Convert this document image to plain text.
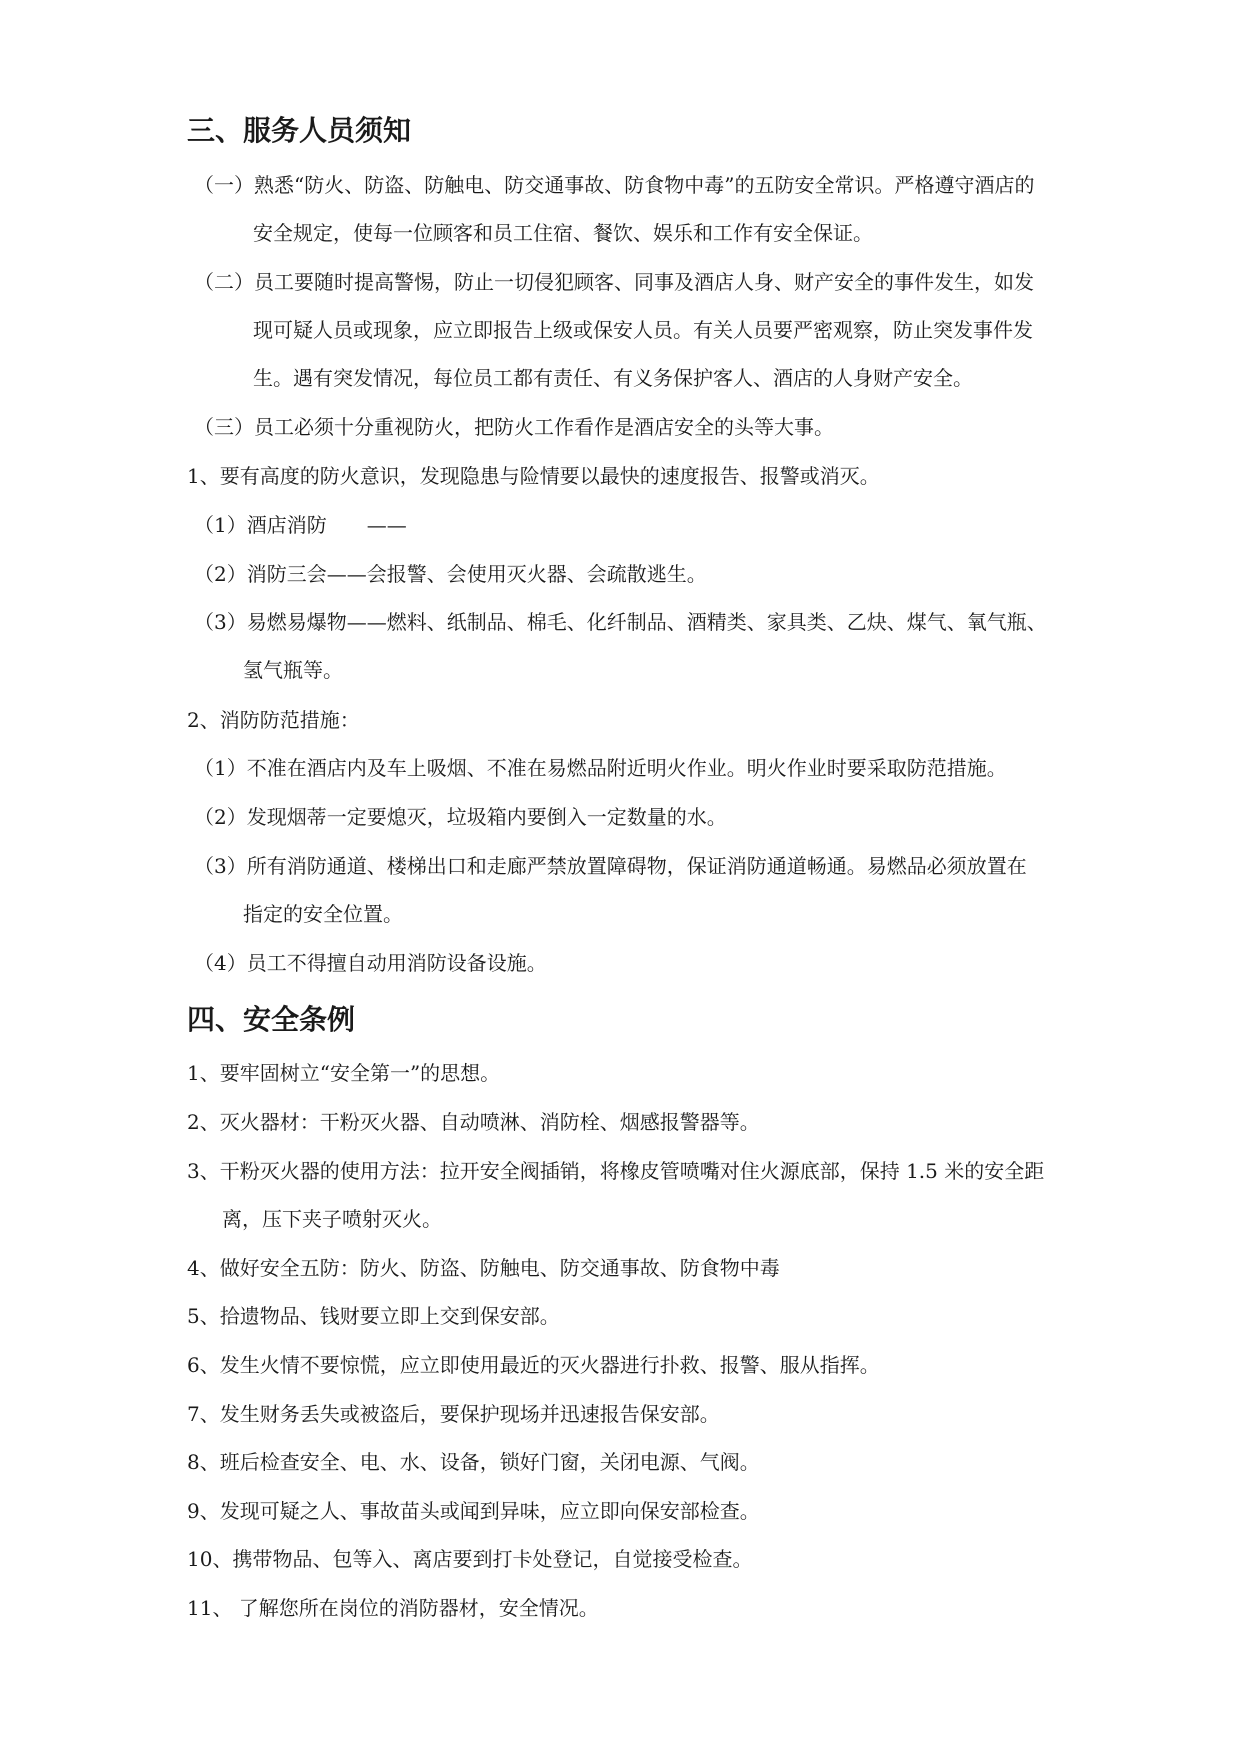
三、服务人员须知
（一）熟悉“防火、防盗、防触电、防交通事故、防食物中毒”的五防安全常识。严格遵守酒店的
安全规定，使每一位顾客和员工住宿、餐饮、娱乐和工作有安全保证。
（二）员工要随时提高警惕，防止一切侵犯顾客、同事及酒店人身、财产安全的事件发生，如发
现可疑人员或现象，应立即报告上级或保安人员。有关人员要严密观察，防止突发事件发
生。遇有突发情况，每位员工都有责任、有义务保护客人、酒店的人身财产安全。
（三）员工必须十分重视防火，把防火工作看作是酒店安全的头等大事。
1、要有高度的防火意识，发现隐患与险情要以最快的速度报告、报警或消灭。
（1）酒店消防　　——
（2）消防三会——会报警、会使用灭火器、会疏散逃生。
（3）易燃易爆物——燃料、纸制品、棉毛、化纤制品、酒精类、家具类、乙炔、煤气、氧气瓶、
氢气瓶等。
2、消防防范措施：
（1）不准在酒店内及车上吸烟、不准在易燃品附近明火作业。明火作业时要采取防范措施。
（2）发现烟蒂一定要熄灭，垃圾箱内要倒入一定数量的水。
（3）所有消防通道、楼梯出口和走廊严禁放置障碍物，保证消防通道畅通。易燃品必须放置在
指定的安全位置。
（4）员工不得擅自动用消防设备设施。
四、安全条例
1、要牢固树立“安全第一”的思想。
2、灭火器材：干粉灭火器、自动喷淋、消防栓、烟感报警器等。
3、干粉灭火器的使用方法：拉开安全阀插销，将橡皮管喷嘴对住火源底部，保持 1.5 米的安全距
离，压下夹子喷射灭火。
4、做好安全五防：防火、防盗、防触电、防交通事故、防食物中毒
5、拾遗物品、钱财要立即上交到保安部。
6、发生火情不要惊慌，应立即使用最近的灭火器进行扑救、报警、服从指挥。
7、发生财务丢失或被盗后，要保护现场并迅速报告保安部。
8、班后检查安全、电、水、设备，锁好门窗，关闭电源、气阀。
9、发现可疑之人、事故苗头或闻到异味，应立即向保安部检查。
10、携带物品、包等入、离店要到打卡处登记，自觉接受检查。
11、 了解您所在岗位的消防器材，安全情况。
